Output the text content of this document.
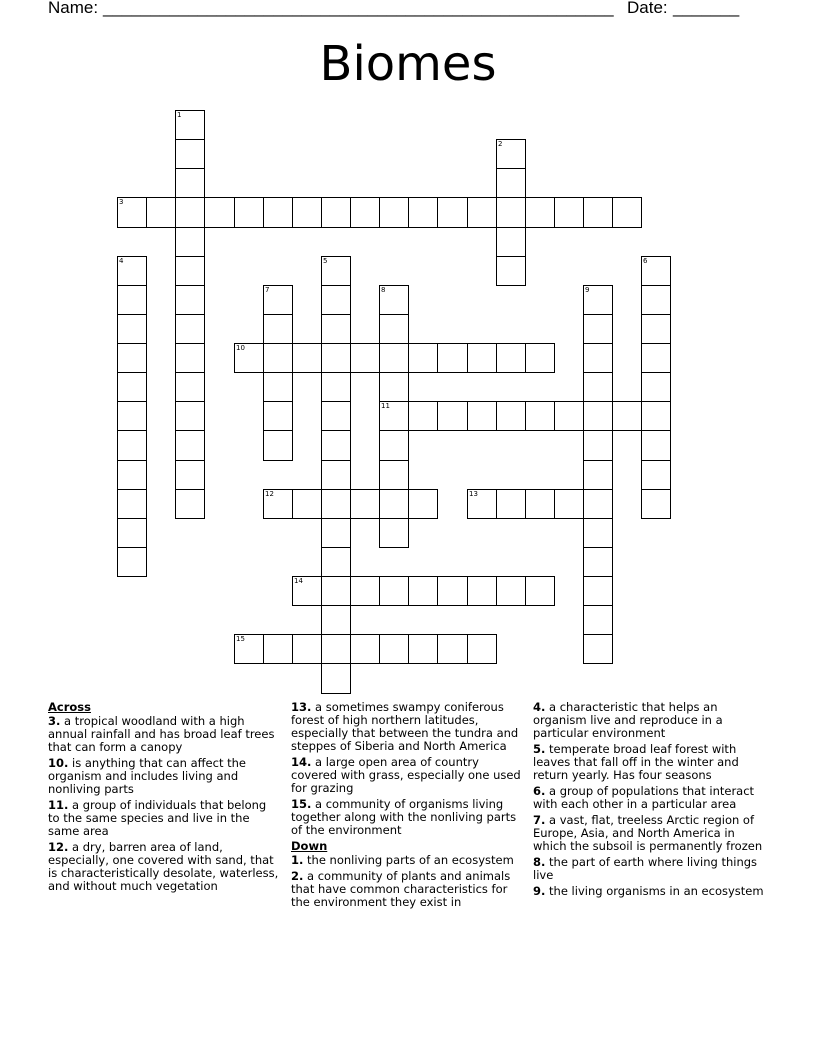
Name: ______________________________________________________ Date: _______
Biomes
1
2
3
4	5	6
7	8
11
9
10
12	13
14
15
Across
3. a tropical woodland with a high annual rainfall and has broad leaf trees that can form a canopy
10. is anything that can affect the organism and includes living and nonliving parts
11. a group of individuals that belong to the same species and live in the same area
12. a dry, barren area of land, especially, one covered with sand, that is characteristically desolate, waterless, and without much vegetation
13. a sometimes swampy coniferous forest of high northern latitudes, especially that between the tundra and steppes of Siberia and North America
14. a large open area of country covered with grass, especially one used for grazing
15. a community of organisms living together along with the nonliving parts of the environment
Down
1. the nonliving parts of an ecosystem
2. a community of plants and animals that have common characteristics for the environment they exist in
4. a characteristic that helps an organism live and reproduce in a particular environment
5. temperate broad leaf forest with leaves that fall off in the winter and return yearly. Has four seasons
6. a group of populations that interact with each other in a particular area
7. a vast, flat, treeless Arctic region of Europe, Asia, and North America in which the subsoil is permanently frozen
8. the part of earth where living things live
9. the living organisms in an ecosystem
